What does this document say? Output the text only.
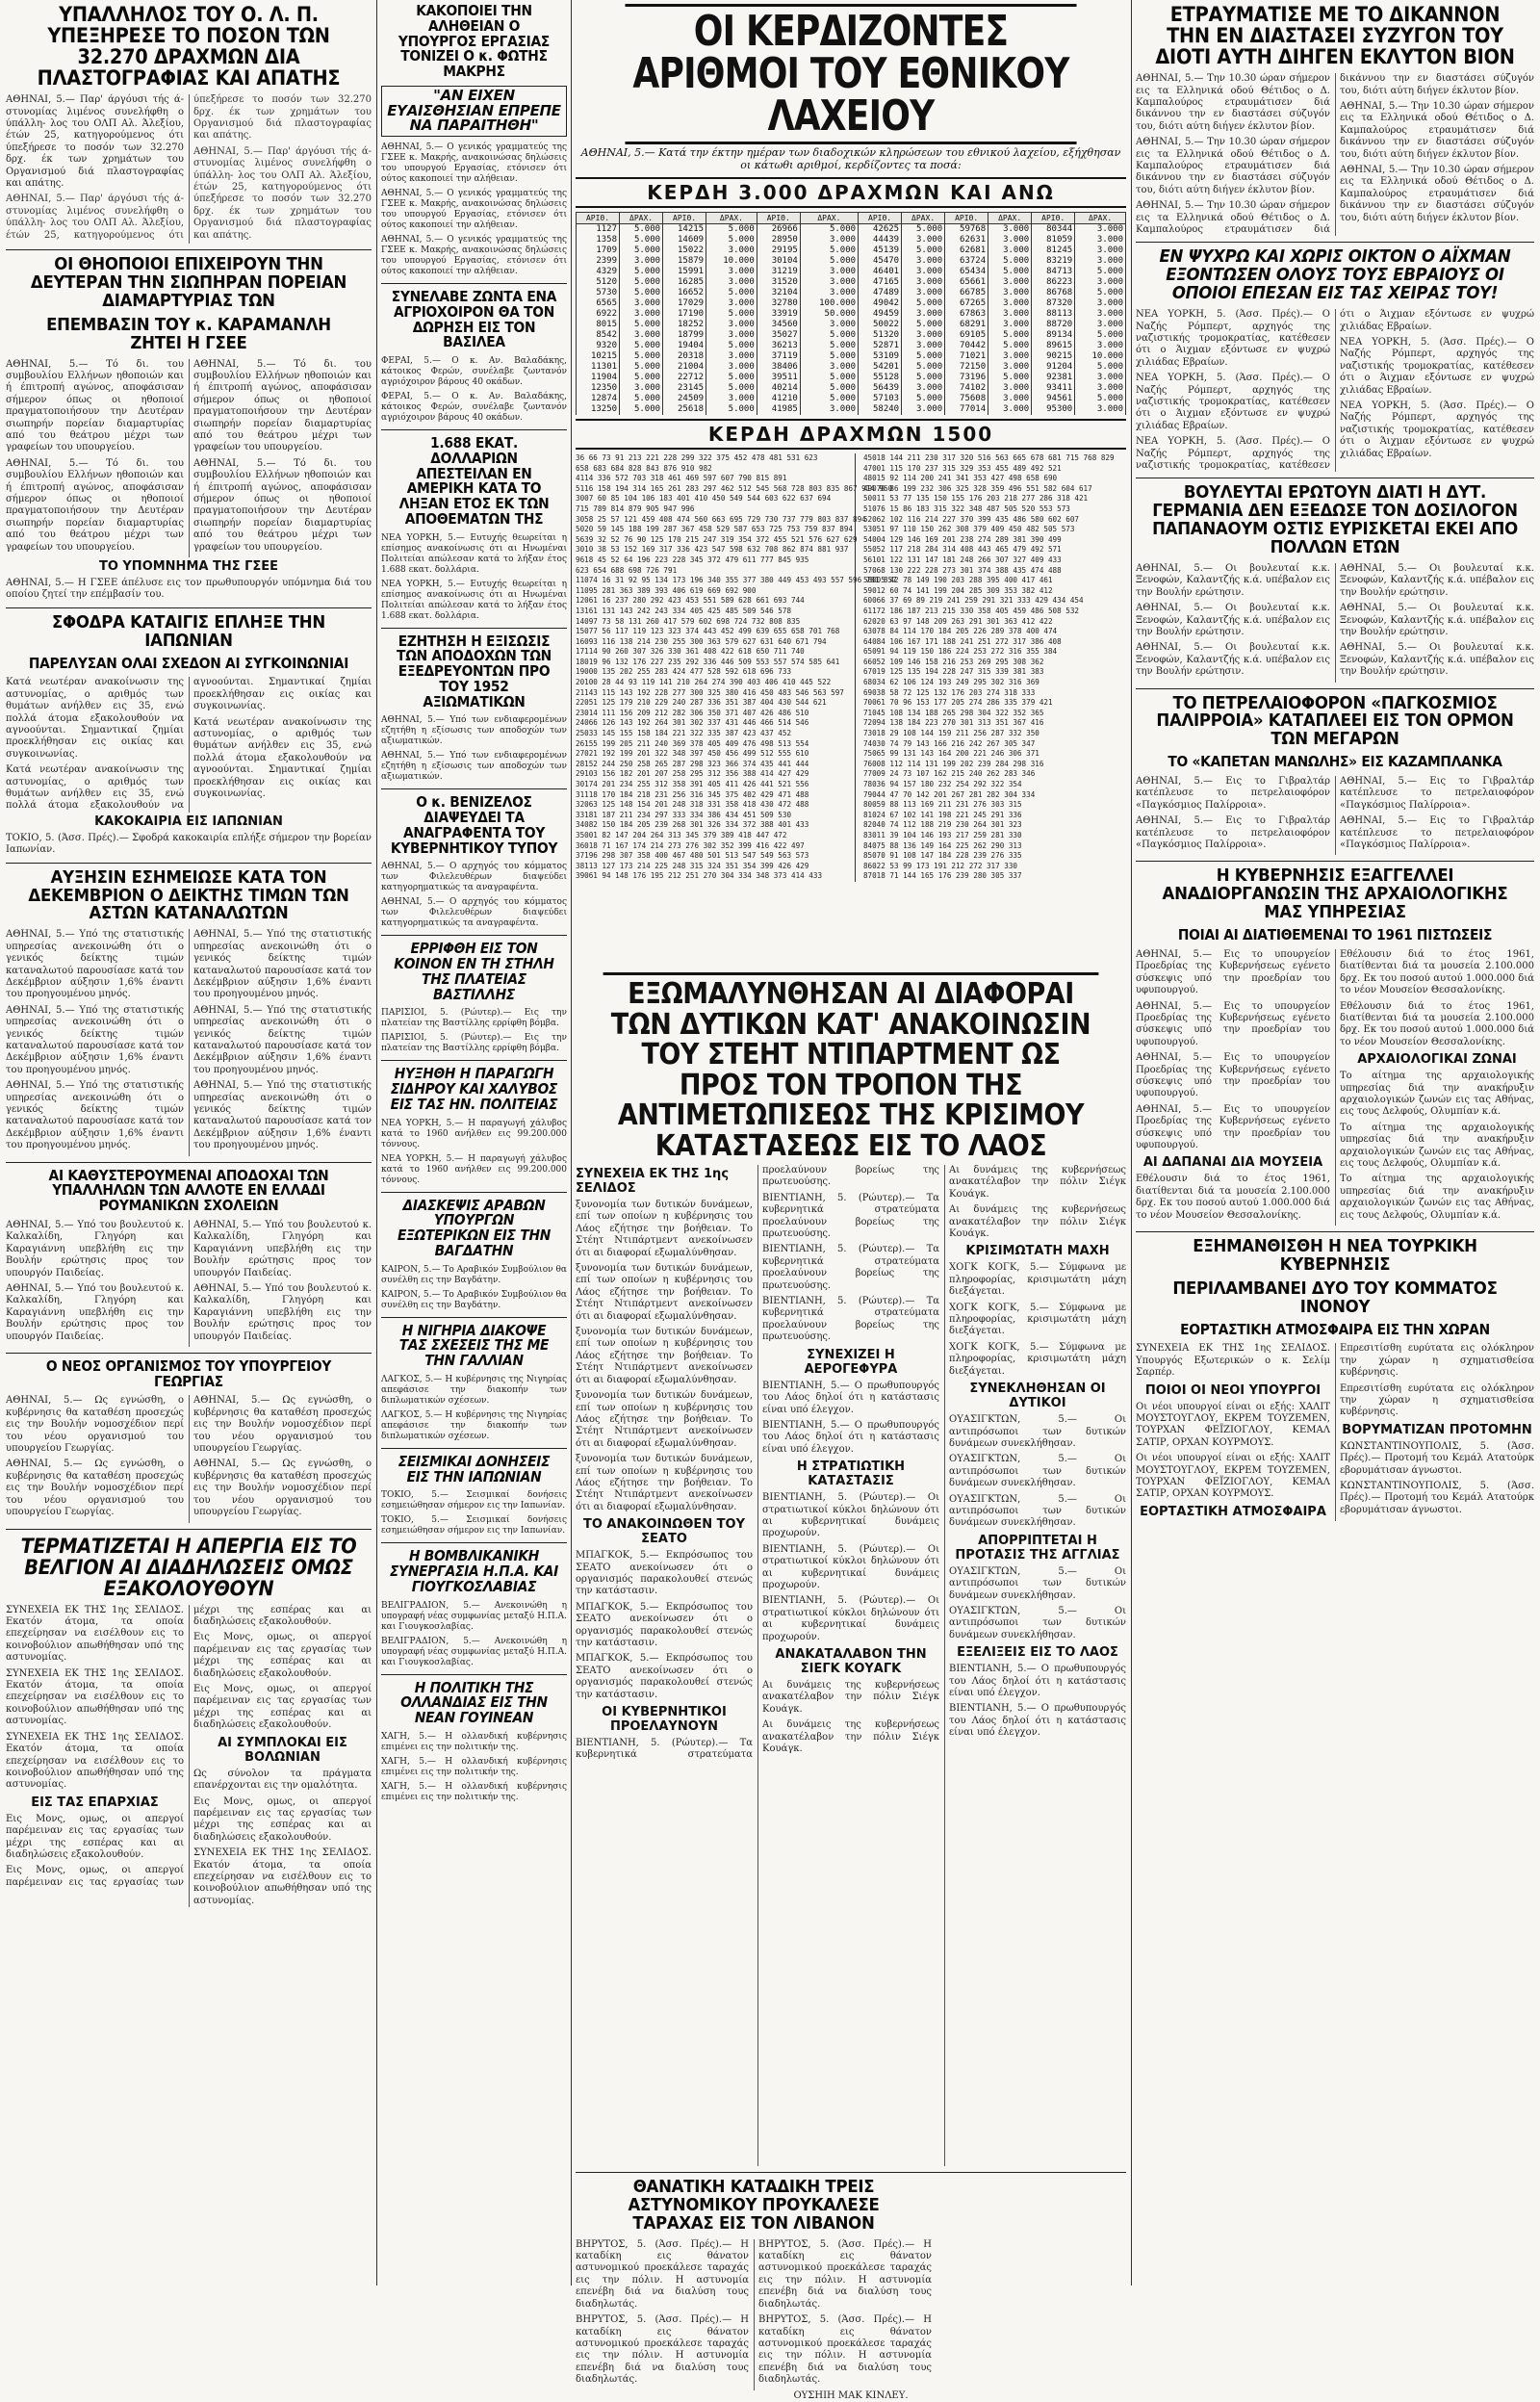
ΥΠΑΛΛΗΛΟΣ ΤΟΥ Ο. Λ. Π. ΥΠΕΞΗΡΕΣΕ ΤΟ ΠΟΣΟΝ ΤΩΝ 32.270 ΔΡΑΧΜΩΝ ΔΙΑ ΠΛΑΣΤΟΓΡΑΦΙΑΣ ΚΑΙ ΑΠΑΤΗΣ

ΑΘΗΝΑΙ, 5.— Παρ' άργόυσι τής ά- στυνομίας λιμένος συνελήφθη ο ύπάλλη- λος του ΟΛΠ Αλ. Άλεξίου, έτών 25, κατηγορούμενος ότι ύπεξήρεσε το ποσόν των 32.270 δρχ. έκ των χρημάτων του Οργανισμού διά πλαστογραφίας και απάτης.

ΑΘΗΝΑΙ, 5.— Παρ' άργόυσι τής ά- στυνομίας λιμένος συνελήφθη ο ύπάλλη- λος του ΟΛΠ Αλ. Άλεξίου, έτών 25, κατηγορούμενος ότι ύπεξήρεσε το ποσόν των 32.270 δρχ. έκ των χρημάτων του Οργανισμού διά πλαστογραφίας και απάτης.

ΑΘΗΝΑΙ, 5.— Παρ' άργόυσι τής ά- στυνομίας λιμένος συνελήφθη ο ύπάλλη- λος του ΟΛΠ Αλ. Άλεξίου, έτών 25, κατηγορούμενος ότι ύπεξήρεσε το ποσόν των 32.270 δρχ. έκ των χρημάτων του Οργανισμού διά πλαστογραφίας και απάτης.

ΟΙ ΘΗΟΠΟΙΟΙ ΕΠΙΧΕΙΡΟΥΝ ΤΗΝ ΔΕΥΤΕΡΑΝ ΤΗΝ ΣΙΩΠΗΡΑΝ ΠΟΡΕΙΑΝ ΔΙΑΜΑΡΤΥΡΙΑΣ ΤΩΝ
ΕΠΕΜΒΑΣΙΝ ΤΟΥ κ. ΚΑΡΑΜΑΝΛΗ ΖΗΤΕΙ Η ΓΣΕΕ

ΑΘΗΝΑΙ, 5.— Τό δι. του συμβουλίου Ελλήνων ηθοποιών και ή έπιτροπή αγώνος, αποφάσισαν σήμερον όπως οι ηθοποιοί πραγματοποιήσουν την Δευτέραν σιωπηρήν πορείαν διαμαρτυρίας από του θεάτρου μέχρι των γραφείων του υπουργείου.

ΑΘΗΝΑΙ, 5.— Τό δι. του συμβουλίου Ελλήνων ηθοποιών και ή έπιτροπή αγώνος, αποφάσισαν σήμερον όπως οι ηθοποιοί πραγματοποιήσουν την Δευτέραν σιωπηρήν πορείαν διαμαρτυρίας από του θεάτρου μέχρι των γραφείων του υπουργείου.

ΑΘΗΝΑΙ, 5.— Τό δι. του συμβουλίου Ελλήνων ηθοποιών και ή έπιτροπή αγώνος, αποφάσισαν σήμερον όπως οι ηθοποιοί πραγματοποιήσουν την Δευτέραν σιωπηρήν πορείαν διαμαρτυρίας από του θεάτρου μέχρι των γραφείων του υπουργείου.

ΑΘΗΝΑΙ, 5.— Τό δι. του συμβουλίου Ελλήνων ηθοποιών και ή έπιτροπή αγώνος, αποφάσισαν σήμερον όπως οι ηθοποιοί πραγματοποιήσουν την Δευτέραν σιωπηρήν πορείαν διαμαρτυρίας από του θεάτρου μέχρι των γραφείων του υπουργείου.

ΤΟ ΥΠΟΜΝΗΜΑ ΤΗΣ ΓΣΕΕ

ΑΘΗΝΑΙ, 5.— Η ΓΣΕΕ άπέλυσε εις τον πρωθυπουργόν υπόμνημα διά του οποίου ζητεί την επέμβασίν του.

ΣΦΟΔΡΑ ΚΑΤΑΙΓΙΣ ΕΠΛΗΞΕ ΤΗΝ ΙΑΠΩΝΙΑΝ
ΠΑΡΕΛΥΣΑΝ ΟΛΑΙ ΣΧΕΔΟΝ ΑΙ ΣΥΓΚΟΙΝΩΝΙΑΙ

Κατά νεωτέραν ανακοίνωσιν της αστυνομίας, ο αριθμός των θυμάτων ανήλθεν εις 35, ενώ πολλά άτομα εξακολουθούν να αγνοούνται. Σημαντικαί ζημίαι προεκλήθησαν εις οικίας και συγκοινωνίας.

Κατά νεωτέραν ανακοίνωσιν της αστυνομίας, ο αριθμός των θυμάτων ανήλθεν εις 35, ενώ πολλά άτομα εξακολουθούν να αγνοούνται. Σημαντικαί ζημίαι προεκλήθησαν εις οικίας και συγκοινωνίας.

Κατά νεωτέραν ανακοίνωσιν της αστυνομίας, ο αριθμός των θυμάτων ανήλθεν εις 35, ενώ πολλά άτομα εξακολουθούν να αγνοούνται. Σημαντικαί ζημίαι προεκλήθησαν εις οικίας και συγκοινωνίας.

ΚΑΚΟΚΑΙΡΙΑ ΕΙΣ ΙΑΠΩΝΙΑΝ

ΤΟΚΙΟ, 5. (Άσσ. Πρές).— Σφοδρά κακοκαιρία επλήξε σήμερον την βορείαν Ιαπωνίαν.

ΑΥΞΗΣΙΝ ΕΣΗΜΕΙΩΣΕ ΚΑΤΑ ΤΟΝ ΔΕΚΕΜΒΡΙΟΝ Ο ΔΕΙΚΤΗΣ ΤΙΜΩΝ ΤΩΝ ΑΣΤΩΝ ΚΑΤΑΝΑΛΩΤΩΝ

ΑΘΗΝΑΙ, 5.— Υπό της στατιστικής υπηρεσίας ανεκοινώθη ότι ο γενικός δείκτης τιμών καταναλωτού παρουσίασε κατά τον Δεκέμβριον αύξησιν 1,6% έναντι του προηγουμένου μηνός.

ΑΘΗΝΑΙ, 5.— Υπό της στατιστικής υπηρεσίας ανεκοινώθη ότι ο γενικός δείκτης τιμών καταναλωτού παρουσίασε κατά τον Δεκέμβριον αύξησιν 1,6% έναντι του προηγουμένου μηνός.

ΑΘΗΝΑΙ, 5.— Υπό της στατιστικής υπηρεσίας ανεκοινώθη ότι ο γενικός δείκτης τιμών καταναλωτού παρουσίασε κατά τον Δεκέμβριον αύξησιν 1,6% έναντι του προηγουμένου μηνός.

ΑΘΗΝΑΙ, 5.— Υπό της στατιστικής υπηρεσίας ανεκοινώθη ότι ο γενικός δείκτης τιμών καταναλωτού παρουσίασε κατά τον Δεκέμβριον αύξησιν 1,6% έναντι του προηγουμένου μηνός.

ΑΘΗΝΑΙ, 5.— Υπό της στατιστικής υπηρεσίας ανεκοινώθη ότι ο γενικός δείκτης τιμών καταναλωτού παρουσίασε κατά τον Δεκέμβριον αύξησιν 1,6% έναντι του προηγουμένου μηνός.

ΑΘΗΝΑΙ, 5.— Υπό της στατιστικής υπηρεσίας ανεκοινώθη ότι ο γενικός δείκτης τιμών καταναλωτού παρουσίασε κατά τον Δεκέμβριον αύξησιν 1,6% έναντι του προηγουμένου μηνός.

ΑΙ ΚΑΘΥΣΤΕΡΟΥΜΕΝΑΙ ΑΠΟΔΟΧΑΙ ΤΩΝ ΥΠΑΛΛΗΛΩΝ ΤΩΝ ΑΛΛΟΤΕ ΕΝ ΕΛΛΑΔΙ ΡΟΥΜΑΝΙΚΩΝ ΣΧΟΛΕΙΩΝ

ΑΘΗΝΑΙ, 5.— Υπό του βουλευτού κ. Καλκαλίδη, Γληγόρη και Καραγιάννη υπεβλήθη εις την Βουλήν ερώτησις προς τον υπουργόν Παιδείας.

ΑΘΗΝΑΙ, 5.— Υπό του βουλευτού κ. Καλκαλίδη, Γληγόρη και Καραγιάννη υπεβλήθη εις την Βουλήν ερώτησις προς τον υπουργόν Παιδείας.

ΑΘΗΝΑΙ, 5.— Υπό του βουλευτού κ. Καλκαλίδη, Γληγόρη και Καραγιάννη υπεβλήθη εις την Βουλήν ερώτησις προς τον υπουργόν Παιδείας.

ΑΘΗΝΑΙ, 5.— Υπό του βουλευτού κ. Καλκαλίδη, Γληγόρη και Καραγιάννη υπεβλήθη εις την Βουλήν ερώτησις προς τον υπουργόν Παιδείας.

Ο ΝΕΟΣ ΟΡΓΑΝΙΣΜΟΣ ΤΟΥ ΥΠΟΥΡΓΕΙΟΥ ΓΕΩΡΓΙΑΣ

ΑΘΗΝΑΙ, 5.— Ως εγνώσθη, ο κυβέρνησις θα καταθέση προσεχώς εις την Βουλήν νομοσχέδιον περί του νέου οργανισμού του υπουργείου Γεωργίας.

ΑΘΗΝΑΙ, 5.— Ως εγνώσθη, ο κυβέρνησις θα καταθέση προσεχώς εις την Βουλήν νομοσχέδιον περί του νέου οργανισμού του υπουργείου Γεωργίας.

ΑΘΗΝΑΙ, 5.— Ως εγνώσθη, ο κυβέρνησις θα καταθέση προσεχώς εις την Βουλήν νομοσχέδιον περί του νέου οργανισμού του υπουργείου Γεωργίας.

ΑΘΗΝΑΙ, 5.— Ως εγνώσθη, ο κυβέρνησις θα καταθέση προσεχώς εις την Βουλήν νομοσχέδιον περί του νέου οργανισμού του υπουργείου Γεωργίας.

ΤΕΡΜΑΤΙΖΕΤΑΙ Η ΑΠΕΡΓΙΑ ΕΙΣ ΤΟ ΒΕΛΓΙΟΝ ΑΙ ΔΙΑΔΗΛΩΣΕΙΣ ΟΜΩΣ ΕΞΑΚΟΛΟΥΘΟΥΝ

ΣΥΝΕΧΕΙΑ ΕΚ ΤΗΣ 1ης ΣΕΛΙΔΟΣ. Εκατόν άτομα, τα οποία επεχείρησαν να εισέλθουν εις το κοινοβούλιον απωθήθησαν υπό της αστυνομίας.

ΣΥΝΕΧΕΙΑ ΕΚ ΤΗΣ 1ης ΣΕΛΙΔΟΣ. Εκατόν άτομα, τα οποία επεχείρησαν να εισέλθουν εις το κοινοβούλιον απωθήθησαν υπό της αστυνομίας.

ΣΥΝΕΧΕΙΑ ΕΚ ΤΗΣ 1ης ΣΕΛΙΔΟΣ. Εκατόν άτομα, τα οποία επεχείρησαν να εισέλθουν εις το κοινοβούλιον απωθήθησαν υπό της αστυνομίας.

ΕΙΣ ΤΑΣ ΕΠΑΡΧΙΑΣ

Εις Μονς, ομως, οι απεργοί παρέμειναν εις τας εργασίας των μέχρι της εσπέρας και αι διαδηλώσεις εξακολουθούν.

Εις Μονς, ομως, οι απεργοί παρέμειναν εις τας εργασίας των μέχρι της εσπέρας και αι διαδηλώσεις εξακολουθούν.

Εις Μονς, ομως, οι απεργοί παρέμειναν εις τας εργασίας των μέχρι της εσπέρας και αι διαδηλώσεις εξακολουθούν.

Εις Μονς, ομως, οι απεργοί παρέμειναν εις τας εργασίας των μέχρι της εσπέρας και αι διαδηλώσεις εξακολουθούν.

ΑΙ ΣΥΜΠΛΟΚΑΙ ΕΙΣ ΒΟΛΩΝΙΑΝ

Ως σύνολον τα πράγματα επανέρχονται εις την ομαλότητα.

Εις Μονς, ομως, οι απεργοί παρέμειναν εις τας εργασίας των μέχρι της εσπέρας και αι διαδηλώσεις εξακολουθούν.

ΣΥΝΕΧΕΙΑ ΕΚ ΤΗΣ 1ης ΣΕΛΙΔΟΣ. Εκατόν άτομα, τα οποία επεχείρησαν να εισέλθουν εις το κοινοβούλιον απωθήθησαν υπό της αστυνομίας.

ΚΑΚΟΠΟΙΕΙ ΤΗΝ ΑΛΗΘΕΙΑΝ Ο ΥΠΟΥΡΓΟΣ ΕΡΓΑΣΙΑΣ ΤΟΝΙΖΕΙ Ο κ. ΦΩΤΗΣ ΜΑΚΡΗΣ
"ΑΝ ΕΙΧΕΝ ΕΥΑΙΣΘΗΣΙΑΝ ΕΠΡΕΠΕ ΝΑ ΠΑΡΑΙΤΗΘΗ"

ΑΘΗΝΑΙ, 5.— Ο γενικός γραμματεύς της ΓΣΕΕ κ. Μακρής, ανακοινώσας δηλώσεις του υπουργού Εργασίας, ετόνισεν ότι ούτος κακοποιεί την αλήθειαν.

ΑΘΗΝΑΙ, 5.— Ο γενικός γραμματεύς της ΓΣΕΕ κ. Μακρής, ανακοινώσας δηλώσεις του υπουργού Εργασίας, ετόνισεν ότι ούτος κακοποιεί την αλήθειαν.

ΑΘΗΝΑΙ, 5.— Ο γενικός γραμματεύς της ΓΣΕΕ κ. Μακρής, ανακοινώσας δηλώσεις του υπουργού Εργασίας, ετόνισεν ότι ούτος κακοποιεί την αλήθειαν.

ΣΥΝΕΛΑΒΕ ΖΩΝΤΑ ΕΝΑ ΑΓΡΙΟΧΟΙΡΟΝ ΘΑ ΤΟΝ ΔΩΡΗΣΗ ΕΙΣ ΤΟΝ ΒΑΣΙΛΕΑ

ΦΕΡΑΙ, 5.— Ο κ. Αν. Βαλαδάκης, κάτοικος Φερών, συνέλαβε ζωντανόν αγριόχοιρον βάρους 40 οκάδων.

ΦΕΡΑΙ, 5.— Ο κ. Αν. Βαλαδάκης, κάτοικος Φερών, συνέλαβε ζωντανόν αγριόχοιρον βάρους 40 οκάδων.

1.688 ΕΚΑΤ. ΔΟΛΛΑΡΙΩΝ ΑΠΕΣΤΕΙΛΑΝ ΕΝ ΑΜΕΡΙΚΗ ΚΑΤΑ ΤΟ ΛΗΞΑΝ ΕΤΟΣ ΕΚ ΤΩΝ ΑΠΟΘΕΜΑΤΩΝ ΤΗΣ

ΝΕΑ ΥΟΡΚΗ, 5.— Ευτυχής θεωρείται η επίσημος ανακοίνωσις ότι αι Ηνωμέναι Πολιτείαι απώλεσαν κατά το λήξαν έτος 1.688 εκατ. δολλάρια.

ΝΕΑ ΥΟΡΚΗ, 5.— Ευτυχής θεωρείται η επίσημος ανακοίνωσις ότι αι Ηνωμέναι Πολιτείαι απώλεσαν κατά το λήξαν έτος 1.688 εκατ. δολλάρια.

ΕΖΗΤΗΣΗ Η ΕΞΙΣΩΣΙΣ ΤΩΝ ΑΠΟΔΟΧΩΝ ΤΩΝ ΕΞΕΔΡΕΥΟΝΤΩΝ ΠΡΟ ΤΟΥ 1952 ΑΞΙΩΜΑΤΙΚΩΝ

ΑΘΗΝΑΙ, 5.— Υπό των ενδιαφερομένων εζητήθη η εξίσωσις των αποδοχών των αξιωματικών.

ΑΘΗΝΑΙ, 5.— Υπό των ενδιαφερομένων εζητήθη η εξίσωσις των αποδοχών των αξιωματικών.

Ο κ. ΒΕΝΙΖΕΛΟΣ ΔΙΑΨΕΥΔΕΙ ΤΑ ΑΝΑΓΡΑΦΕΝΤΑ ΤΟΥ ΚΥΒΕΡΝΗΤΙΚΟΥ ΤΥΠΟΥ

ΑΘΗΝΑΙ, 5.— Ο αρχηγός του κόμματος των Φιλελευθέρων διαψεύδει κατηγορηματικώς τα αναγραφέντα.

ΑΘΗΝΑΙ, 5.— Ο αρχηγός του κόμματος των Φιλελευθέρων διαψεύδει κατηγορηματικώς τα αναγραφέντα.

ΕΡΡΙΦΘΗ ΕΙΣ ΤΟΝ ΚΟΙΝΟΝ ΕΝ ΤΗ ΣΤΗΛΗ ΤΗΣ ΠΛΑΤΕΙΑΣ ΒΑΣΤΙΛΛΗΣ

ΠΑΡΙΣΙΟΙ, 5. (Ρώυτερ).— Εις την πλατείαν της Βαστίλλης ερρίφθη βόμβα.

ΠΑΡΙΣΙΟΙ, 5. (Ρώυτερ).— Εις την πλατείαν της Βαστίλλης ερρίφθη βόμβα.

ΗΥΞΗΘΗ Η ΠΑΡΑΓΩΓΗ ΣΙΔΗΡΟΥ ΚΑΙ ΧΑΛΥΒΟΣ ΕΙΣ ΤΑΣ ΗΝ. ΠΟΛΙΤΕΙΑΣ

ΝΕΑ ΥΟΡΚΗ, 5.— Η παραγωγή χάλυβος κατά το 1960 ανήλθεν εις 99.200.000 τόννους.

ΝΕΑ ΥΟΡΚΗ, 5.— Η παραγωγή χάλυβος κατά το 1960 ανήλθεν εις 99.200.000 τόννους.

ΔΙΑΣΚΕΨΙΣ ΑΡΑΒΩΝ ΥΠΟΥΡΓΩΝ ΕΞΩΤΕΡΙΚΩΝ ΕΙΣ ΤΗΝ ΒΑΓΔΑΤΗΝ

ΚΑΙΡΟΝ, 5.— Το Αραβικόν Συμβούλιον θα συνέλθη εις την Βαγδάτην.

ΚΑΙΡΟΝ, 5.— Το Αραβικόν Συμβούλιον θα συνέλθη εις την Βαγδάτην.

Η ΝΙΓΗΡΙΑ ΔΙΑΚΟΨΕ ΤΑΣ ΣΧΕΣΕΙΣ ΤΗΣ ΜΕ ΤΗΝ ΓΑΛΛΙΑΝ

ΛΑΓΚΟΣ, 5.— Η κυβέρνησις της Νιγηρίας απεφάσισε την διακοπήν των διπλωματικών σχέσεων.

ΛΑΓΚΟΣ, 5.— Η κυβέρνησις της Νιγηρίας απεφάσισε την διακοπήν των διπλωματικών σχέσεων.

ΣΕΙΣΜΙΚΑΙ ΔΟΝΗΣΕΙΣ ΕΙΣ ΤΗΝ ΙΑΠΩΝΙΑΝ

ΤΟΚΙΟ, 5.— Σεισμικαί δονήσεις εσημειώθησαν σήμερον εις την Ιαπωνίαν.

ΤΟΚΙΟ, 5.— Σεισμικαί δονήσεις εσημειώθησαν σήμερον εις την Ιαπωνίαν.

Η ΒΟΜΒΛΙΚΑΝΙΚΗ ΣΥΝΕΡΓΑΣΙΑ Η.Π.Α. ΚΑΙ ΓΙΟΥΓΚΟΣΛΑΒΙΑΣ

ΒΕΛΙΓΡΑΔΙΟΝ, 5.— Ανεκοινώθη η υπογραφή νέας συμφωνίας μεταξύ Η.Π.Α. και Γιουγκοσλαβίας.

ΒΕΛΙΓΡΑΔΙΟΝ, 5.— Ανεκοινώθη η υπογραφή νέας συμφωνίας μεταξύ Η.Π.Α. και Γιουγκοσλαβίας.

Η ΠΟΛΙΤΙΚΗ ΤΗΣ ΟΛΛΑΝΔΙΑΣ ΕΙΣ ΤΗΝ ΝΕΑΝ ΓΟΥΙΝΕΑΝ

ΧΑΓΗ, 5.— Η ολλανδική κυβέρνησις επιμένει εις την πολιτικήν της.

ΧΑΓΗ, 5.— Η ολλανδική κυβέρνησις επιμένει εις την πολιτικήν της.

ΧΑΓΗ, 5.— Η ολλανδική κυβέρνησις επιμένει εις την πολιτικήν της.

ΟΙ ΚΕΡΔΙΖΟΝΤΕΣ ΑΡΙΘΜΟΙ ΤΟΥ ΕΘΝΙΚΟΥ ΛΑΧΕΙΟΥ
ΑΘΗΝΑΙ, 5.— Κατά την έκτην ημέραν των διαδοχικών κληρώσεων του εθνικού λαχείου, εξήχθησαν οι κάτωθι αριθμοί, κερδίζοντες τα ποσά:
ΚΕΡΔΗ 3.000 ΔΡΑΧΜΩΝ ΚΑΙ ΑΝΩ
ΑΡΙΘ.	ΔΡΑΧ.	ΑΡΙΘ.	ΔΡΑΧ.	ΑΡΙΘ.	ΔΡΑΧ.	ΑΡΙΘ.	ΔΡΑΧ.	ΑΡΙΘ.	ΔΡΑΧ.	ΑΡΙΘ.	ΔΡΑΧ.
1127	5.000	14215	5.000	26966	5.000	42625	5.000	59768	3.000	80344	3.000
1358	5.000	14609	5.000	28950	3.000	44439	3.000	62631	3.000	81059	3.000
1709	5.000	15022	3.000	29195	5.000	45139	5.000	62681	3.000	81245	3.000
2399	3.000	15879	10.000	30104	5.000	45470	3.000	63724	5.000	83219	3.000
4329	5.000	15991	3.000	31219	3.000	46401	3.000	65434	5.000	84713	5.000
5120	5.000	16285	3.000	31520	3.000	47165	3.000	65661	3.000	86223	3.000
5730	5.000	16652	5.000	32104	3.000	47489	3.000	66785	3.000	86768	5.000
6565	3.000	17029	3.000	32780	100.000	49042	5.000	67265	3.000	87320	3.000
6922	3.000	17190	5.000	33919	50.000	49459	3.000	67863	3.000	88113	3.000
8015	5.000	18252	3.000	34560	3.000	50022	5.000	68291	3.000	88720	3.000
8542	3.000	18799	3.000	35027	5.000	51320	3.000	69105	5.000	89134	5.000
9320	5.000	19404	5.000	36213	5.000	52871	3.000	70442	5.000	89615	3.000
10215	5.000	20318	3.000	37119	5.000	53109	5.000	71021	3.000	90215	10.000
11301	5.000	21004	3.000	38406	3.000	54201	5.000	72150	3.000	91204	5.000
11904	5.000	22712	5.000	39511	5.000	55128	5.000	73196	5.000	92381	3.000
12350	3.000	23145	5.000	40214	5.000	56439	3.000	74102	3.000	93411	3.000
12874	5.000	24509	3.000	41210	5.000	57103	5.000	75608	3.000	94561	5.000
13250	5.000	25618	5.000	41985	3.000	58240	3.000	77014	3.000	95300	3.000
ΚΕΡΔΗ ΔΡΑΧΜΩΝ 1500
36 66 73 91 213 221 228 299 322 375 452 478 481 531 623
658 683 684 828 843 876 910 982
4114 336 572 703 318 461 469 597 607 790 815 891
5116 158 194 314 165 261 283 297 462 512 545 568 728 803 835 867 914 960
3007 60 85 104 106 183 401 410 450 549 544 603 622 637 694
715 789 814 879 905 947 996
3058 25 57 121 459 408 474 560 663 695 729 730 737 779 803 837 894
5020 59 145 188 199 287 367 458 529 587 653 725 753 759 837 894
5639 32 52 76 90 125 170 215 247 319 354 372 455 521 576 627 629
3010 38 53 152 169 317 336 423 547 598 632 708 862 874 881 937
9618 45 52 64 196 223 228 345 372 479 611 777 845 935
623 654 688 698 726 791
11074 16 31 92 95 134 173 196 340 355 377 380 449 453 493 557 596 781 857
11095 281 363 389 393 406 619 669 692 900
12061 16 237 280 292 423 453 551 589 628 661 693 744
13161 131 143 242 243 334 405 425 485 509 546 578
14097 73 58 131 260 417 579 602 698 724 732 808 835
15077 56 117 119 123 323 374 443 452 499 639 655 658 701 768
16093 116 138 214 230 255 300 363 579 627 631 640 671 794
17114 90 260 307 326 330 361 408 422 618 650 711 740
18019 96 132 176 227 235 292 336 446 509 553 557 574 585 641
19000 135 202 255 283 424 477 528 592 618 696 733
20100 28 44 93 119 141 210 264 274 390 403 406 410 445 522
21143 115 143 192 228 277 300 325 380 416 450 483 546 563 597
22051 125 179 210 229 240 287 336 351 387 404 430 544 621
23014 111 156 209 212 282 306 350 371 407 426 486 510
24066 126 143 192 264 301 302 337 431 446 466 514 546
25033 145 155 158 184 221 322 335 387 423 437 452
26155 199 205 211 240 369 378 405 409 476 498 513 554
27021 192 199 201 322 348 397 450 456 499 512 555 610
28152 244 250 258 265 287 298 323 366 374 435 441 444
29103 156 182 201 207 258 295 312 356 388 414 427 429
30174 201 234 255 312 358 391 405 411 426 441 521 556
31118 170 184 218 231 256 316 345 375 402 429 471 488
32063 125 148 154 201 248 318 331 358 418 430 472 488
33181 187 211 234 297 333 334 386 434 451 509 530
34082 150 184 205 239 268 301 326 334 372 388 401 433
35001 82 147 204 264 313 345 379 389 418 447 472
36018 71 167 174 214 273 276 302 352 399 416 422 497
37196 298 307 358 400 467 480 501 513 547 549 563 573
38113 127 173 214 225 248 315 324 351 354 399 426 429
39061 94 148 176 195 212 251 270 304 334 348 373 414 433
45018 144 211 230 317 320 516 563 665 678 681 715 768 829
47001 115 170 237 315 329 353 455 489 492 521
48015 92 114 200 241 341 353 427 498 658 690
49070 86 199 232 306 325 328 359 496 551 582 604 617
50011 53 77 135 150 155 176 203 218 277 286 318 421
51076 15 86 183 315 322 348 487 505 520 553 573
52062 102 116 214 227 370 399 435 486 580 602 607
53051 97 110 150 262 308 379 409 450 482 505 573
54004 129 146 169 201 238 274 289 381 390 499
55052 117 218 284 314 408 443 465 479 492 571
56101 122 131 147 181 248 266 307 327 409 433
57068 130 222 228 273 301 374 388 435 474 488
58005 42 78 149 190 203 288 395 400 417 461
59012 60 74 141 199 204 285 309 353 382 412
60066 37 69 89 219 241 259 291 321 333 429 434 454
61172 186 187 213 215 330 358 405 459 486 508 532
62020 63 97 148 209 263 291 301 363 412 422
63078 84 114 170 184 205 226 289 378 400 474
64084 106 167 171 188 241 251 272 317 386 408
65091 94 119 150 186 224 253 272 316 355 384
66052 109 146 158 216 253 269 295 308 362
67019 125 135 194 228 247 315 339 381 383
68034 62 106 124 193 249 295 302 316 369
69038 58 72 125 132 176 203 274 318 333
70061 70 96 153 177 205 274 286 335 379 421
71045 108 134 188 265 298 304 322 352 365
72094 138 184 223 270 301 313 351 367 416
73018 29 108 144 159 211 256 287 332 350
74030 74 79 143 166 216 242 267 305 347
75065 99 131 143 164 200 221 246 306 371
76008 112 114 131 199 202 239 284 298 316
77009 24 73 107 162 215 240 262 283 346
78036 94 157 180 232 254 292 322 354
79044 47 70 142 201 267 281 282 304 334
80059 88 113 169 211 231 276 303 315
81024 67 102 141 198 221 245 291 336
82040 74 112 188 219 230 264 301 323
83011 39 104 146 193 217 259 281 330
84075 88 136 149 164 225 262 290 313
85070 91 108 147 184 228 239 276 335
86022 53 99 173 191 212 272 317 330
87018 71 144 165 176 239 280 305 337
ΕΞΩΜΑΛΥΝΘΗΣΑΝ ΑΙ ΔΙΑΦΟΡΑΙ ΤΩΝ ΔΥΤΙΚΩΝ ΚΑΤ' ΑΝΑΚΟΙΝΩΣΙΝ ΤΟΥ ΣΤΕΗΤ ΝΤΙΠΑΡΤΜΕΝΤ ΩΣ ΠΡΟΣ ΤΟΝ ΤΡΟΠΟΝ ΤΗΣ ΑΝΤΙΜΕΤΩΠΙΣΕΩΣ ΤΗΣ ΚΡΙΣΙΜΟΥ ΚΑΤΑΣΤΑΣΕΩΣ ΕΙΣ ΤΟ ΛΑΟΣ
ΣΥΝΕΧΕΙΑ ΕΚ ΤΗΣ 1ης ΣΕΛΙΔΟΣ

ξυνονομία των δυτικών δυνάμεων, επί των οποίων η κυβέρνησις του Λάος εζήτησε την βοήθειαν. Το Στέητ Ντιπάρτμεντ ανεκοίνωσεν ότι αι διαφοραί εξωμαλύνθησαν.

ξυνονομία των δυτικών δυνάμεων, επί των οποίων η κυβέρνησις του Λάος εζήτησε την βοήθειαν. Το Στέητ Ντιπάρτμεντ ανεκοίνωσεν ότι αι διαφοραί εξωμαλύνθησαν.

ξυνονομία των δυτικών δυνάμεων, επί των οποίων η κυβέρνησις του Λάος εζήτησε την βοήθειαν. Το Στέητ Ντιπάρτμεντ ανεκοίνωσεν ότι αι διαφοραί εξωμαλύνθησαν.

ξυνονομία των δυτικών δυνάμεων, επί των οποίων η κυβέρνησις του Λάος εζήτησε την βοήθειαν. Το Στέητ Ντιπάρτμεντ ανεκοίνωσεν ότι αι διαφοραί εξωμαλύνθησαν.

ξυνονομία των δυτικών δυνάμεων, επί των οποίων η κυβέρνησις του Λάος εζήτησε την βοήθειαν. Το Στέητ Ντιπάρτμεντ ανεκοίνωσεν ότι αι διαφοραί εξωμαλύνθησαν.

ΤΟ ΑΝΑΚΟΙΝΩΘΕΝ ΤΟΥ ΣΕΑΤΟ

ΜΠΑΓΚΟΚ, 5.— Εκπρόσωπος του ΣΕΑΤΟ ανεκοίνωσεν ότι ο οργανισμός παρακολουθεί στενώς την κατάστασιν.

ΜΠΑΓΚΟΚ, 5.— Εκπρόσωπος του ΣΕΑΤΟ ανεκοίνωσεν ότι ο οργανισμός παρακολουθεί στενώς την κατάστασιν.

ΜΠΑΓΚΟΚ, 5.— Εκπρόσωπος του ΣΕΑΤΟ ανεκοίνωσεν ότι ο οργανισμός παρακολουθεί στενώς την κατάστασιν.

ΟΙ ΚΥΒΕΡΝΗΤΙΚΟΙ ΠΡΟΕΛΑΥΝΟΥΝ

ΒΙΕΝΤΙΑΝΗ, 5. (Ρώυτερ).— Τα κυβερνητικά στρατεύματα προελαύνουν βορείως της πρωτευούσης.

ΒΙΕΝΤΙΑΝΗ, 5. (Ρώυτερ).— Τα κυβερνητικά στρατεύματα προελαύνουν βορείως της πρωτευούσης.

ΒΙΕΝΤΙΑΝΗ, 5. (Ρώυτερ).— Τα κυβερνητικά στρατεύματα προελαύνουν βορείως της πρωτευούσης.

ΒΙΕΝΤΙΑΝΗ, 5. (Ρώυτερ).— Τα κυβερνητικά στρατεύματα προελαύνουν βορείως της πρωτευούσης.

ΣΥΝΕΧΙΖΕΙ Η ΑΕΡΟΓΕΦΥΡΑ

ΒΙΕΝΤΙΑΝΗ, 5.— Ο πρωθυπουργός του Λάος δηλοί ότι η κατάστασις είναι υπό έλεγχον.

ΒΙΕΝΤΙΑΝΗ, 5.— Ο πρωθυπουργός του Λάος δηλοί ότι η κατάστασις είναι υπό έλεγχον.

Η ΣΤΡΑΤΙΩΤΙΚΗ ΚΑΤΑΣΤΑΣΙΣ

ΒΙΕΝΤΙΑΝΗ, 5. (Ρώυτερ).— Οι στρατιωτικοί κύκλοι δηλώνουν ότι αι κυβερνητικαί δυνάμεις προχωρούν.

ΒΙΕΝΤΙΑΝΗ, 5. (Ρώυτερ).— Οι στρατιωτικοί κύκλοι δηλώνουν ότι αι κυβερνητικαί δυνάμεις προχωρούν.

ΒΙΕΝΤΙΑΝΗ, 5. (Ρώυτερ).— Οι στρατιωτικοί κύκλοι δηλώνουν ότι αι κυβερνητικαί δυνάμεις προχωρούν.

ΑΝΑΚΑΤΑΛΑΒΟΝ ΤΗΝ ΣΙΕΓΚ ΚΟΥΑΓΚ

Αι δυνάμεις της κυβερνήσεως ανακατέλαβον την πόλιν Σιέγκ Κουάγκ.

Αι δυνάμεις της κυβερνήσεως ανακατέλαβον την πόλιν Σιέγκ Κουάγκ.

Αι δυνάμεις της κυβερνήσεως ανακατέλαβον την πόλιν Σιέγκ Κουάγκ.

Αι δυνάμεις της κυβερνήσεως ανακατέλαβον την πόλιν Σιέγκ Κουάγκ.

ΚΡΙΣΙΜΩΤΑΤΗ ΜΑΧΗ

ΧΟΓΚ ΚΟΓΚ, 5.— Σύμφωνα με πληροφορίας, κρισιμωτάτη μάχη διεξάγεται.

ΧΟΓΚ ΚΟΓΚ, 5.— Σύμφωνα με πληροφορίας, κρισιμωτάτη μάχη διεξάγεται.

ΧΟΓΚ ΚΟΓΚ, 5.— Σύμφωνα με πληροφορίας, κρισιμωτάτη μάχη διεξάγεται.

ΣΥΝΕΚΛΗΘΗΣΑΝ ΟΙ ΔΥΤΙΚΟΙ

ΟΥΑΣΙΓΚΤΩΝ, 5.— Οι αντιπρόσωποι των δυτικών δυνάμεων συνεκλήθησαν.

ΟΥΑΣΙΓΚΤΩΝ, 5.— Οι αντιπρόσωποι των δυτικών δυνάμεων συνεκλήθησαν.

ΟΥΑΣΙΓΚΤΩΝ, 5.— Οι αντιπρόσωποι των δυτικών δυνάμεων συνεκλήθησαν.

ΑΠΟΡΡΙΠΤΕΤΑΙ Η ΠΡΟΤΑΣΙΣ ΤΗΣ ΑΓΓΛΙΑΣ

ΟΥΑΣΙΓΚΤΩΝ, 5.— Οι αντιπρόσωποι των δυτικών δυνάμεων συνεκλήθησαν.

ΟΥΑΣΙΓΚΤΩΝ, 5.— Οι αντιπρόσωποι των δυτικών δυνάμεων συνεκλήθησαν.

ΕΞΕΛΙΞΕΙΣ ΕΙΣ ΤΟ ΛΑΟΣ

ΒΙΕΝΤΙΑΝΗ, 5.— Ο πρωθυπουργός του Λάος δηλοί ότι η κατάστασις είναι υπό έλεγχον.

ΒΙΕΝΤΙΑΝΗ, 5.— Ο πρωθυπουργός του Λάος δηλοί ότι η κατάστασις είναι υπό έλεγχον.

ΘΑΝΑΤΙΚΗ ΚΑΤΑΔΙΚΗ ΤΡΕΙΣ ΑΣΤΥΝΟΜΙΚΟΥ ΠΡΟΥΚΑΛΕΣΕ ΤΑΡΑΧΑΣ ΕΙΣ ΤΟΝ ΛΙΒΑΝΟΝ

ΒΗΡΥΤΟΣ, 5. (Άσσ. Πρές).— Η καταδίκη εις θάνατον αστυνομικού προεκάλεσε ταραχάς εις την πόλιν. Η αστυνομία επενέβη διά να διαλύση τους διαδηλωτάς.

ΒΗΡΥΤΟΣ, 5. (Άσσ. Πρές).— Η καταδίκη εις θάνατον αστυνομικού προεκάλεσε ταραχάς εις την πόλιν. Η αστυνομία επενέβη διά να διαλύση τους διαδηλωτάς.

ΒΗΡΥΤΟΣ, 5. (Άσσ. Πρές).— Η καταδίκη εις θάνατον αστυνομικού προεκάλεσε ταραχάς εις την πόλιν. Η αστυνομία επενέβη διά να διαλύση τους διαδηλωτάς.

ΒΗΡΥΤΟΣ, 5. (Άσσ. Πρές).— Η καταδίκη εις θάνατον αστυνομικού προεκάλεσε ταραχάς εις την πόλιν. Η αστυνομία επενέβη διά να διαλύση τους διαδηλωτάς.

ΟΥΣΗΙΗ ΜΑΚ ΚΙΝΛΕΥ.
ΕΤΡΑΥΜΑΤΙΣΕ ΜΕ ΤΟ ΔΙΚΑΝΝΟΝ ΤΗΝ ΕΝ ΔΙΑΣΤΑΣΕΙ ΣΥΖΥΓΟΝ ΤΟΥ ΔΙΟΤΙ ΑΥΤΗ ΔΙΗΓΕΝ ΕΚΛΥΤΟΝ ΒΙΟΝ

ΑΘΗΝΑΙ, 5.— Την 10.30 ώραν σήμερον εις τα Ελληνικά οδού Θέτιδος ο Δ. Καμπαλούρος ετραυμάτισεν διά δικάννου την εν διαστάσει σύζυγόν του, διότι αύτη διήγεν έκλυτον βίον.

ΑΘΗΝΑΙ, 5.— Την 10.30 ώραν σήμερον εις τα Ελληνικά οδού Θέτιδος ο Δ. Καμπαλούρος ετραυμάτισεν διά δικάννου την εν διαστάσει σύζυγόν του, διότι αύτη διήγεν έκλυτον βίον.

ΑΘΗΝΑΙ, 5.— Την 10.30 ώραν σήμερον εις τα Ελληνικά οδού Θέτιδος ο Δ. Καμπαλούρος ετραυμάτισεν διά δικάννου την εν διαστάσει σύζυγόν του, διότι αύτη διήγεν έκλυτον βίον.

ΑΘΗΝΑΙ, 5.— Την 10.30 ώραν σήμερον εις τα Ελληνικά οδού Θέτιδος ο Δ. Καμπαλούρος ετραυμάτισεν διά δικάννου την εν διαστάσει σύζυγόν του, διότι αύτη διήγεν έκλυτον βίον.

ΑΘΗΝΑΙ, 5.— Την 10.30 ώραν σήμερον εις τα Ελληνικά οδού Θέτιδος ο Δ. Καμπαλούρος ετραυμάτισεν διά δικάννου την εν διαστάσει σύζυγόν του, διότι αύτη διήγεν έκλυτον βίον.

ΕΝ ΨΥΧΡΩ ΚΑΙ ΧΩΡΙΣ ΟΙΚΤΟΝ Ο ΑΪΧΜΑΝ ΕΞΟΝΤΩΣΕΝ ΟΛΟΥΣ ΤΟΥΣ ΕΒΡΑΙΟΥΣ ΟΙ ΟΠΟΙΟΙ ΕΠΕΣΑΝ ΕΙΣ ΤΑΣ ΧΕΙΡΑΣ ΤΟΥ!

ΝΕΑ ΥΟΡΚΗ, 5. (Άσσ. Πρές).— Ο Ναζής Ρόμπερτ, αρχηγός της ναζιστικής τρομοκρατίας, κατέθεσεν ότι ο Άιχμαν εξόντωσε εν ψυχρώ χιλιάδας Εβραίων.

ΝΕΑ ΥΟΡΚΗ, 5. (Άσσ. Πρές).— Ο Ναζής Ρόμπερτ, αρχηγός της ναζιστικής τρομοκρατίας, κατέθεσεν ότι ο Άιχμαν εξόντωσε εν ψυχρώ χιλιάδας Εβραίων.

ΝΕΑ ΥΟΡΚΗ, 5. (Άσσ. Πρές).— Ο Ναζής Ρόμπερτ, αρχηγός της ναζιστικής τρομοκρατίας, κατέθεσεν ότι ο Άιχμαν εξόντωσε εν ψυχρώ χιλιάδας Εβραίων.

ΝΕΑ ΥΟΡΚΗ, 5. (Άσσ. Πρές).— Ο Ναζής Ρόμπερτ, αρχηγός της ναζιστικής τρομοκρατίας, κατέθεσεν ότι ο Άιχμαν εξόντωσε εν ψυχρώ χιλιάδας Εβραίων.

ΝΕΑ ΥΟΡΚΗ, 5. (Άσσ. Πρές).— Ο Ναζής Ρόμπερτ, αρχηγός της ναζιστικής τρομοκρατίας, κατέθεσεν ότι ο Άιχμαν εξόντωσε εν ψυχρώ χιλιάδας Εβραίων.

ΒΟΥΛΕΥΤΑΙ ΕΡΩΤΟΥΝ ΔΙΑΤΙ Η ΔΥΤ. ΓΕΡΜΑΝΙΑ ΔΕΝ ΕΞΕΔΩΣΕ ΤΟΝ ΔΟΣΙΛΟΓΟΝ ΠΑΠΑΝΑΟΥΜ ΟΣΤΙΣ ΕΥΡΙΣΚΕΤΑΙ ΕΚΕΙ ΑΠΟ ΠΟΛΛΩΝ ΕΤΩΝ

ΑΘΗΝΑΙ, 5.— Οι βουλευταί κ.κ. Ξενοφών, Καλαντζής κ.ά. υπέβαλον εις την Βουλήν ερώτησιν.

ΑΘΗΝΑΙ, 5.— Οι βουλευταί κ.κ. Ξενοφών, Καλαντζής κ.ά. υπέβαλον εις την Βουλήν ερώτησιν.

ΑΘΗΝΑΙ, 5.— Οι βουλευταί κ.κ. Ξενοφών, Καλαντζής κ.ά. υπέβαλον εις την Βουλήν ερώτησιν.

ΑΘΗΝΑΙ, 5.— Οι βουλευταί κ.κ. Ξενοφών, Καλαντζής κ.ά. υπέβαλον εις την Βουλήν ερώτησιν.

ΑΘΗΝΑΙ, 5.— Οι βουλευταί κ.κ. Ξενοφών, Καλαντζής κ.ά. υπέβαλον εις την Βουλήν ερώτησιν.

ΑΘΗΝΑΙ, 5.— Οι βουλευταί κ.κ. Ξενοφών, Καλαντζής κ.ά. υπέβαλον εις την Βουλήν ερώτησιν.

ΤΟ ΠΕΤΡΕΛΑΙΟΦΟΡΟΝ «ΠΑΓΚΟΣΜΙΟΣ ΠΑΛΙΡΡΟΙΑ» ΚΑΤΑΠΛΕΕΙ ΕΙΣ ΤΟΝ ΟΡΜΟΝ ΤΩΝ ΜΕΓΑΡΩΝ
ΤΟ «ΚΑΠΕΤΑΝ ΜΑΝΩΛΗΣ» ΕΙΣ ΚΑΖΑΜΠΛΑΝΚΑ

ΑΘΗΝΑΙ, 5.— Εις το Γιβραλτάρ κατέπλευσε το πετρελαιοφόρον «Παγκόσμιος Παλίρροια».

ΑΘΗΝΑΙ, 5.— Εις το Γιβραλτάρ κατέπλευσε το πετρελαιοφόρον «Παγκόσμιος Παλίρροια».

ΑΘΗΝΑΙ, 5.— Εις το Γιβραλτάρ κατέπλευσε το πετρελαιοφόρον «Παγκόσμιος Παλίρροια».

ΑΘΗΝΑΙ, 5.— Εις το Γιβραλτάρ κατέπλευσε το πετρελαιοφόρον «Παγκόσμιος Παλίρροια».

Η ΚΥΒΕΡΝΗΣΙΣ ΕΞΑΓΓΕΛΛΕΙ ΑΝΑΔΙΟΡΓΑΝΩΣΙΝ ΤΗΣ ΑΡΧΑΙΟΛΟΓΙΚΗΣ ΜΑΣ ΥΠΗΡΕΣΙΑΣ
ΠΟΙΑΙ ΑΙ ΔΙΑΤΙΘΕΜΕΝΑΙ ΤΟ 1961 ΠΙΣΤΩΣΕΙΣ

ΑΘΗΝΑΙ, 5.— Εις το υπουργείον Προεδρίας της Κυβερνήσεως εγένετο σύσκεψις υπό την προεδρίαν του υφυπουργού.

ΑΘΗΝΑΙ, 5.— Εις το υπουργείον Προεδρίας της Κυβερνήσεως εγένετο σύσκεψις υπό την προεδρίαν του υφυπουργού.

ΑΘΗΝΑΙ, 5.— Εις το υπουργείον Προεδρίας της Κυβερνήσεως εγένετο σύσκεψις υπό την προεδρίαν του υφυπουργού.

ΑΘΗΝΑΙ, 5.— Εις το υπουργείον Προεδρίας της Κυβερνήσεως εγένετο σύσκεψις υπό την προεδρίαν του υφυπουργού.

ΑΙ ΔΑΠΑΝΑΙ ΔΙΑ ΜΟΥΣΕΙΑ

Εθέλουσιν διά το έτος 1961, διατίθενται διά τα μουσεία 2.100.000 δρχ. Εκ του ποσού αυτού 1.000.000 διά το νέον Μουσείον Θεσσαλονίκης.

Εθέλουσιν διά το έτος 1961, διατίθενται διά τα μουσεία 2.100.000 δρχ. Εκ του ποσού αυτού 1.000.000 διά το νέον Μουσείον Θεσσαλονίκης.

Εθέλουσιν διά το έτος 1961, διατίθενται διά τα μουσεία 2.100.000 δρχ. Εκ του ποσού αυτού 1.000.000 διά το νέον Μουσείον Θεσσαλονίκης.

ΑΡΧΑΙΟΛΟΓΙΚΑΙ ΖΩΝΑΙ

Το αίτημα της αρχαιολογικής υπηρεσίας διά την ανακήρυξιν αρχαιολογικών ζωνών εις τας Αθήνας, εις τους Δελφούς, Ολυμπίαν κ.ά.

Το αίτημα της αρχαιολογικής υπηρεσίας διά την ανακήρυξιν αρχαιολογικών ζωνών εις τας Αθήνας, εις τους Δελφούς, Ολυμπίαν κ.ά.

Το αίτημα της αρχαιολογικής υπηρεσίας διά την ανακήρυξιν αρχαιολογικών ζωνών εις τας Αθήνας, εις τους Δελφούς, Ολυμπίαν κ.ά.

ΕΞΗΜΑΝΘΙΣΘΗ Η ΝΕΑ ΤΟΥΡΚΙΚΗ ΚΥΒΕΡΝΗΣΙΣ
ΠΕΡΙΛΑΜΒΑΝΕΙ ΔΥΟ ΤΟΥ ΚΟΜΜΑΤΟΣ ΙΝΟΝΟΥ
ΕΟΡΤΑΣΤΙΚΗ ΑΤΜΟΣΦΑΙΡΑ ΕΙΣ ΤΗΝ ΧΩΡΑΝ

ΣΥΝΕΧΕΙΑ ΕΚ ΤΗΣ 1ης ΣΕΛΙΔΟΣ. Υπουργός Εξωτερικών ο κ. Σελίμ Σαρπέρ.

ΠΟΙΟΙ ΟΙ ΝΕΟΙ ΥΠΟΥΡΓΟΙ

Οι νέοι υπουργοί είναι οι εξής: ΧΑΛΙΤ ΜΟΥΣΤΟΥΓΛΟΥ, ΕΚΡΕΜ ΤΟΥΖΕΜΕΝ, ΤΟΥΡΧΑΝ ΦΕΪΖΙΟΓΛΟΥ, ΚΕΜΑΛ ΣΑΤΙΡ, ΟΡΧΑΝ ΚΟΥΡΜΟΥΣ.

Οι νέοι υπουργοί είναι οι εξής: ΧΑΛΙΤ ΜΟΥΣΤΟΥΓΛΟΥ, ΕΚΡΕΜ ΤΟΥΖΕΜΕΝ, ΤΟΥΡΧΑΝ ΦΕΪΖΙΟΓΛΟΥ, ΚΕΜΑΛ ΣΑΤΙΡ, ΟΡΧΑΝ ΚΟΥΡΜΟΥΣ.

ΕΟΡΤΑΣΤΙΚΗ ΑΤΜΟΣΦΑΙΡΑ

Επρεσιτίσθη ευρύτατα εις ολόκληρον την χώραν η σχηματισθείσα κυβέρνησις.

Επρεσιτίσθη ευρύτατα εις ολόκληρον την χώραν η σχηματισθείσα κυβέρνησις.

ΒΟΡΥΜΑΤΙΖΑΝ ΠΡΟΤΟΜΗΝ

ΚΩΝΣΤΑΝΤΙΝΟΥΠΟΛΙΣ, 5. (Άσσ. Πρές).— Προτομή του Κεμάλ Ατατούρκ εβορυμάτισαν άγνωστοι.

ΚΩΝΣΤΑΝΤΙΝΟΥΠΟΛΙΣ, 5. (Άσσ. Πρές).— Προτομή του Κεμάλ Ατατούρκ εβορυμάτισαν άγνωστοι.
